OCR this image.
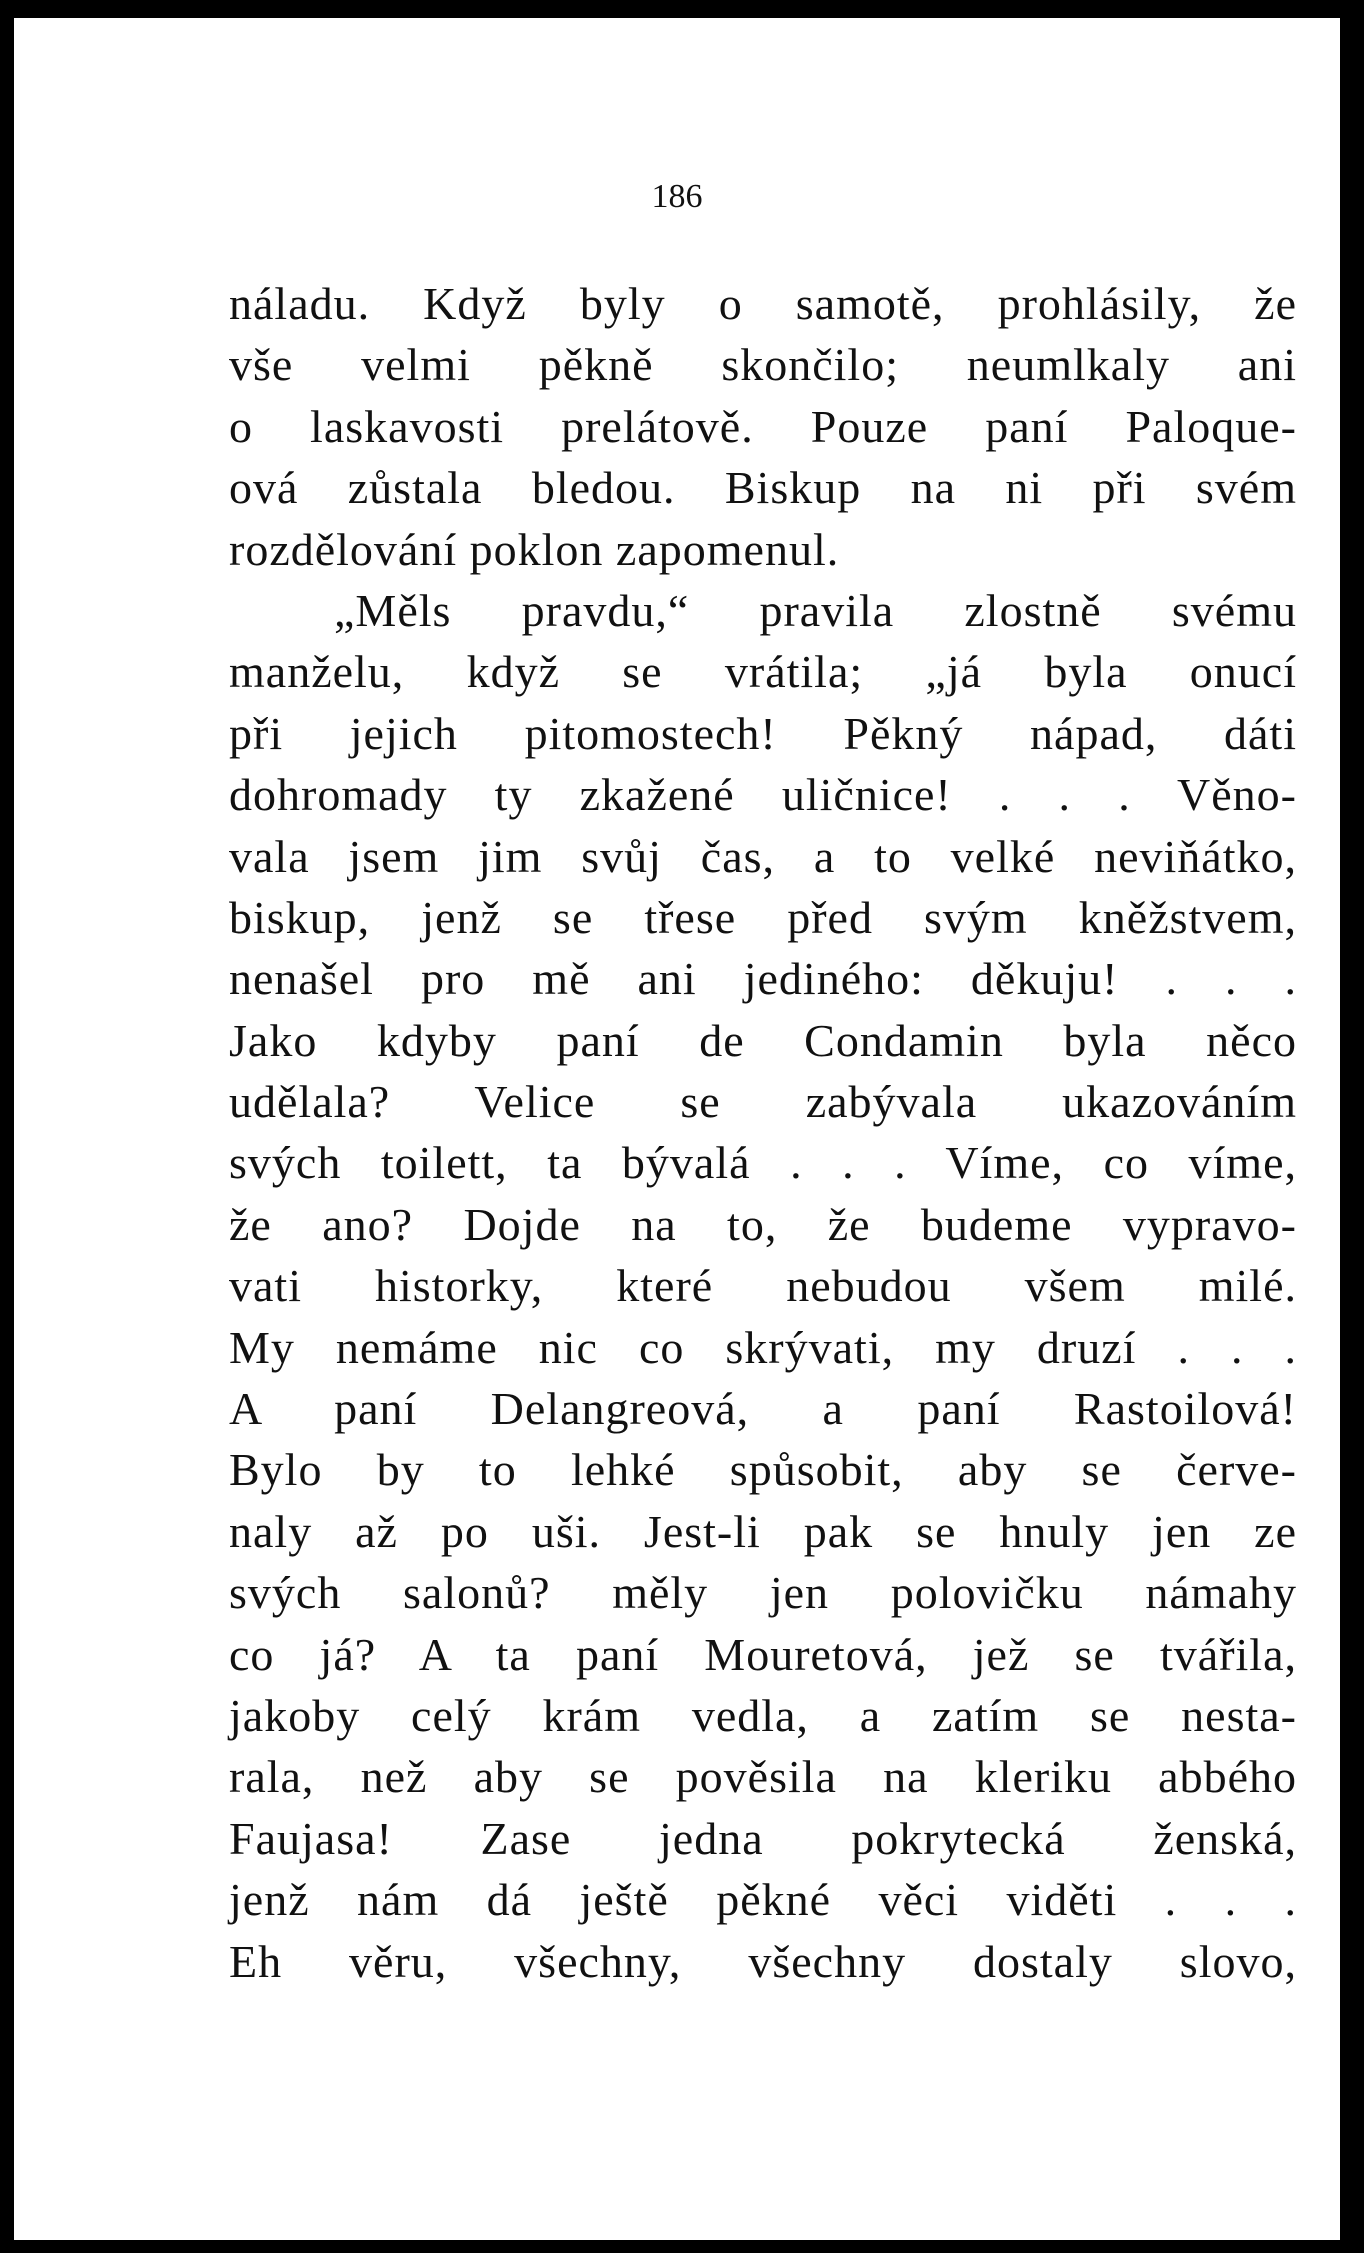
186
náladu. Když byly o samotě, prohlásily, že
vše velmi pěkně skončilo; neumlkaly ani
o laskavosti prelátově. Pouze paní Paloque-
ová zůstala bledou. Biskup na ni při svém
rozdělování poklon zapomenul.
„Měls pravdu,“ pravila zlostně svému
manželu, když se vrátila; „já byla onucí
při jejich pitomostech! Pěkný nápad, dáti
dohromady ty zkažené uličnice! . . . Věno-
vala jsem jim svůj čas, a to velké neviňátko,
biskup, jenž se třese před svým kněžstvem,
nenašel pro mě ani jediného: děkuju! . . .
Jako kdyby paní de Condamin byla něco
udělala? Velice se zabývala ukazováním
svých toilett, ta bývalá . . . Víme, co víme,
že ano? Dojde na to, že budeme vypravo-
vati historky, které nebudou všem milé.
My nemáme nic co skrývati, my druzí . . .
A paní Delangreová, a paní Rastoilová!
Bylo by to lehké spůsobit, aby se červe-
naly až po uši. Jest-li pak se hnuly jen ze
svých salonů? měly jen polovičku námahy
co já? A ta paní Mouretová, jež se tvářila,
jakoby celý krám vedla, a zatím se nesta-
rala, než aby se pověsila na kleriku abbého
Faujasa! Zase jedna pokrytecká ženská,
jenž nám dá ještě pěkné věci viděti . . .
Eh věru, všechny, všechny dostaly slovo,
